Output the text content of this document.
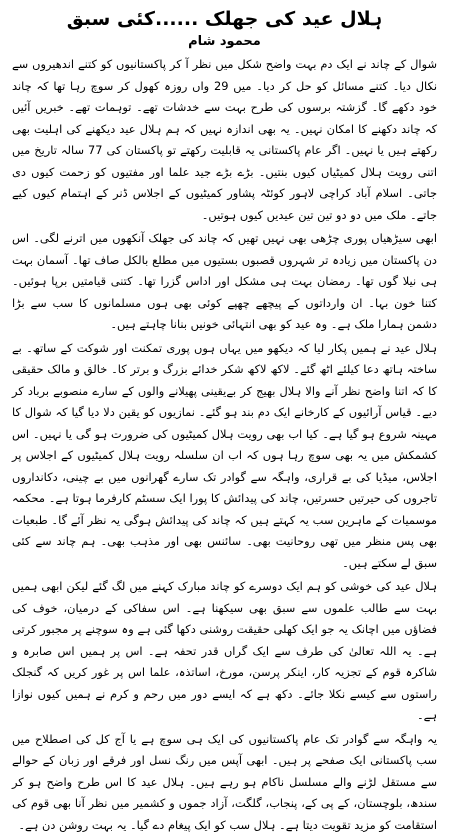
ہلال عید کی جھلک ......کئی سبق
محمود شام

شوال کے چاند نے ایک دم بہت واضح شکل میں نظر آ کر پاکستانیوں کو کتنے اندھیروں سے نکال دیا۔ کتنے مسائل کو حل کر دیا۔ میں 29 واں روزہ کھول کر سوچ رہا تھا کہ چاند خود دکھے گا۔ گزشتہ برسوں کی طرح بہت سے خدشات تھے۔ توہمات تھے۔ خبریں آئیں کہ چاند دکھنے کا امکان نہیں۔ یہ بھی اندازہ نہیں کہ ہم ہلال عید دیکھنے کی اہلیت بھی رکھتے ہیں یا نہیں۔ اگر عام پاکستانی یہ قابلیت رکھتے تو پاکستان کی 77 سالہ تاریخ میں اتنی رویت ہلال کمیٹیاں کیوں بنتیں۔ بڑے بڑے جید علما اور مفتیوں کو زحمت کیوں دی جاتی۔ اسلام آباد کراچی لاہور کوئٹہ پشاور کمیٹیوں کے اجلاس ڈنر کے اہتمام کیوں کیے جاتے۔ ملک میں دو دو تین تین عیدیں کیوں ہوتیں۔

ابھی سیڑھیاں پوری چڑھی بھی نہیں تھیں کہ چاند کی جھلک آنکھوں میں اترنے لگی۔ اس دن پاکستان میں زیادہ تر شہروں قصبوں بستیوں میں مطلع بالکل صاف تھا۔ آسمان بہت ہی نیلا گوں تھا۔ رمضان بہت ہی مشکل اور اداس گزرا تھا۔ کتنی قیامتیں برپا ہوئیں۔ کتنا خون بہا۔ ان وارداتوں کے پیچھے چھپے کوئی بھی ہوں مسلمانوں کا سب سے بڑا دشمن ہمارا ملک ہے۔ وہ عید کو بھی انتہائی خونیں بنانا چاہتے ہیں۔

ہلال عید نے ہمیں پکار لیا کہ دیکھو میں یہاں ہوں پوری تمکنت اور شوکت کے ساتھ۔ بے ساختہ ہاتھ دعا کیلئے اٹھ گئے۔ لاکھ لاکھ شکر خدائے بزرگ و برتر کا۔ خالق و مالک حقیقی کا کہ اتنا واضح نظر آنے والا ہلال بھیج کر بےیقینی پھیلانے والوں کے سارے منصوبے برباد کر دیے۔ قیاس آرائیوں کے کارخانے ایک دم بند ہو گئے۔ نمازیوں کو یقین دلا دیا گیا کہ شوال کا مہینہ شروع ہو گیا ہے۔ کیا اب بھی رویت ہلال کمیٹیوں کی ضرورت ہو گی یا نہیں۔ اس کشمکش میں یہ بھی سوچ رہا ہوں کہ اب ان سلسلہ رویت ہلال کمیٹیوں کے اجلاس پر اجلاس، میڈیا کی بے قراری، واہگہ سے گوادر تک سارے گھرانوں میں بے چینی، دکانداروں تاجروں کی حیرتیں حسرتیں، چاند کی پیدائش کا پورا ایک سسٹم کارفرما ہوتا ہے۔ محکمہ موسمیات کے ماہرین سب یہ کہتے ہیں کہ چاند کی پیدائش ہوگی یہ نظر آئے گا۔ طبعیات بھی پس منظر میں تھی روحانیت بھی۔ سائنس بھی اور مذہب بھی۔ ہم چاند سے کئی سبق لے سکتے ہیں۔

ہلال عید کی خوشی کو ہم ایک دوسرے کو چاند مبارک کہنے میں لگ گئے لیکن ابھی ہمیں بہت سے طالب علموں سے سبق بھی سیکھنا ہے۔ اس سفاکی کے درمیان، خوف کی فضاؤں میں اچانک یہ جو ایک کھلی حقیقت روشنی دکھا گئی ہے وہ سوچنے پر مجبور کرتی ہے۔ یہ اللہ تعالیٰ کی طرف سے ایک گراں قدر تحفہ ہے۔ اس پر ہمیں اس صابرہ و شاکرہ قوم کے تجزیہ کار، اینکر پرسن، مورخ، اساتذہ، علما اس پر غور کریں کہ گنجلک راستوں سے کیسے نکلا جائے۔ دکھ ہے کہ ایسے دور میں رحم و کرم نے ہمیں کیوں نوازا ہے۔

یہ واہگہ سے گوادر تک عام پاکستانیوں کی ایک ہی سوچ ہے یا آج کل کی اصطلاح میں سب پاکستانی ایک صفحے پر ہیں۔ ابھی آپس میں رنگ نسل اور فرقے اور زبان کے حوالے سے مستقل لڑنے والے مسلسل ناکام ہو رہے ہیں۔ ہلال عید کا اس طرح واضح ہو کر سندھ، بلوچستان، کے پی کے، پنجاب، گلگت، آزاد جموں و کشمیر میں نظر آنا بھی قوم کی استقامت کو مزید تقویت دیتا ہے۔ ہلال سب کو ایک پیغام دے گیا۔ یہ بہت روشن دن ہے۔
